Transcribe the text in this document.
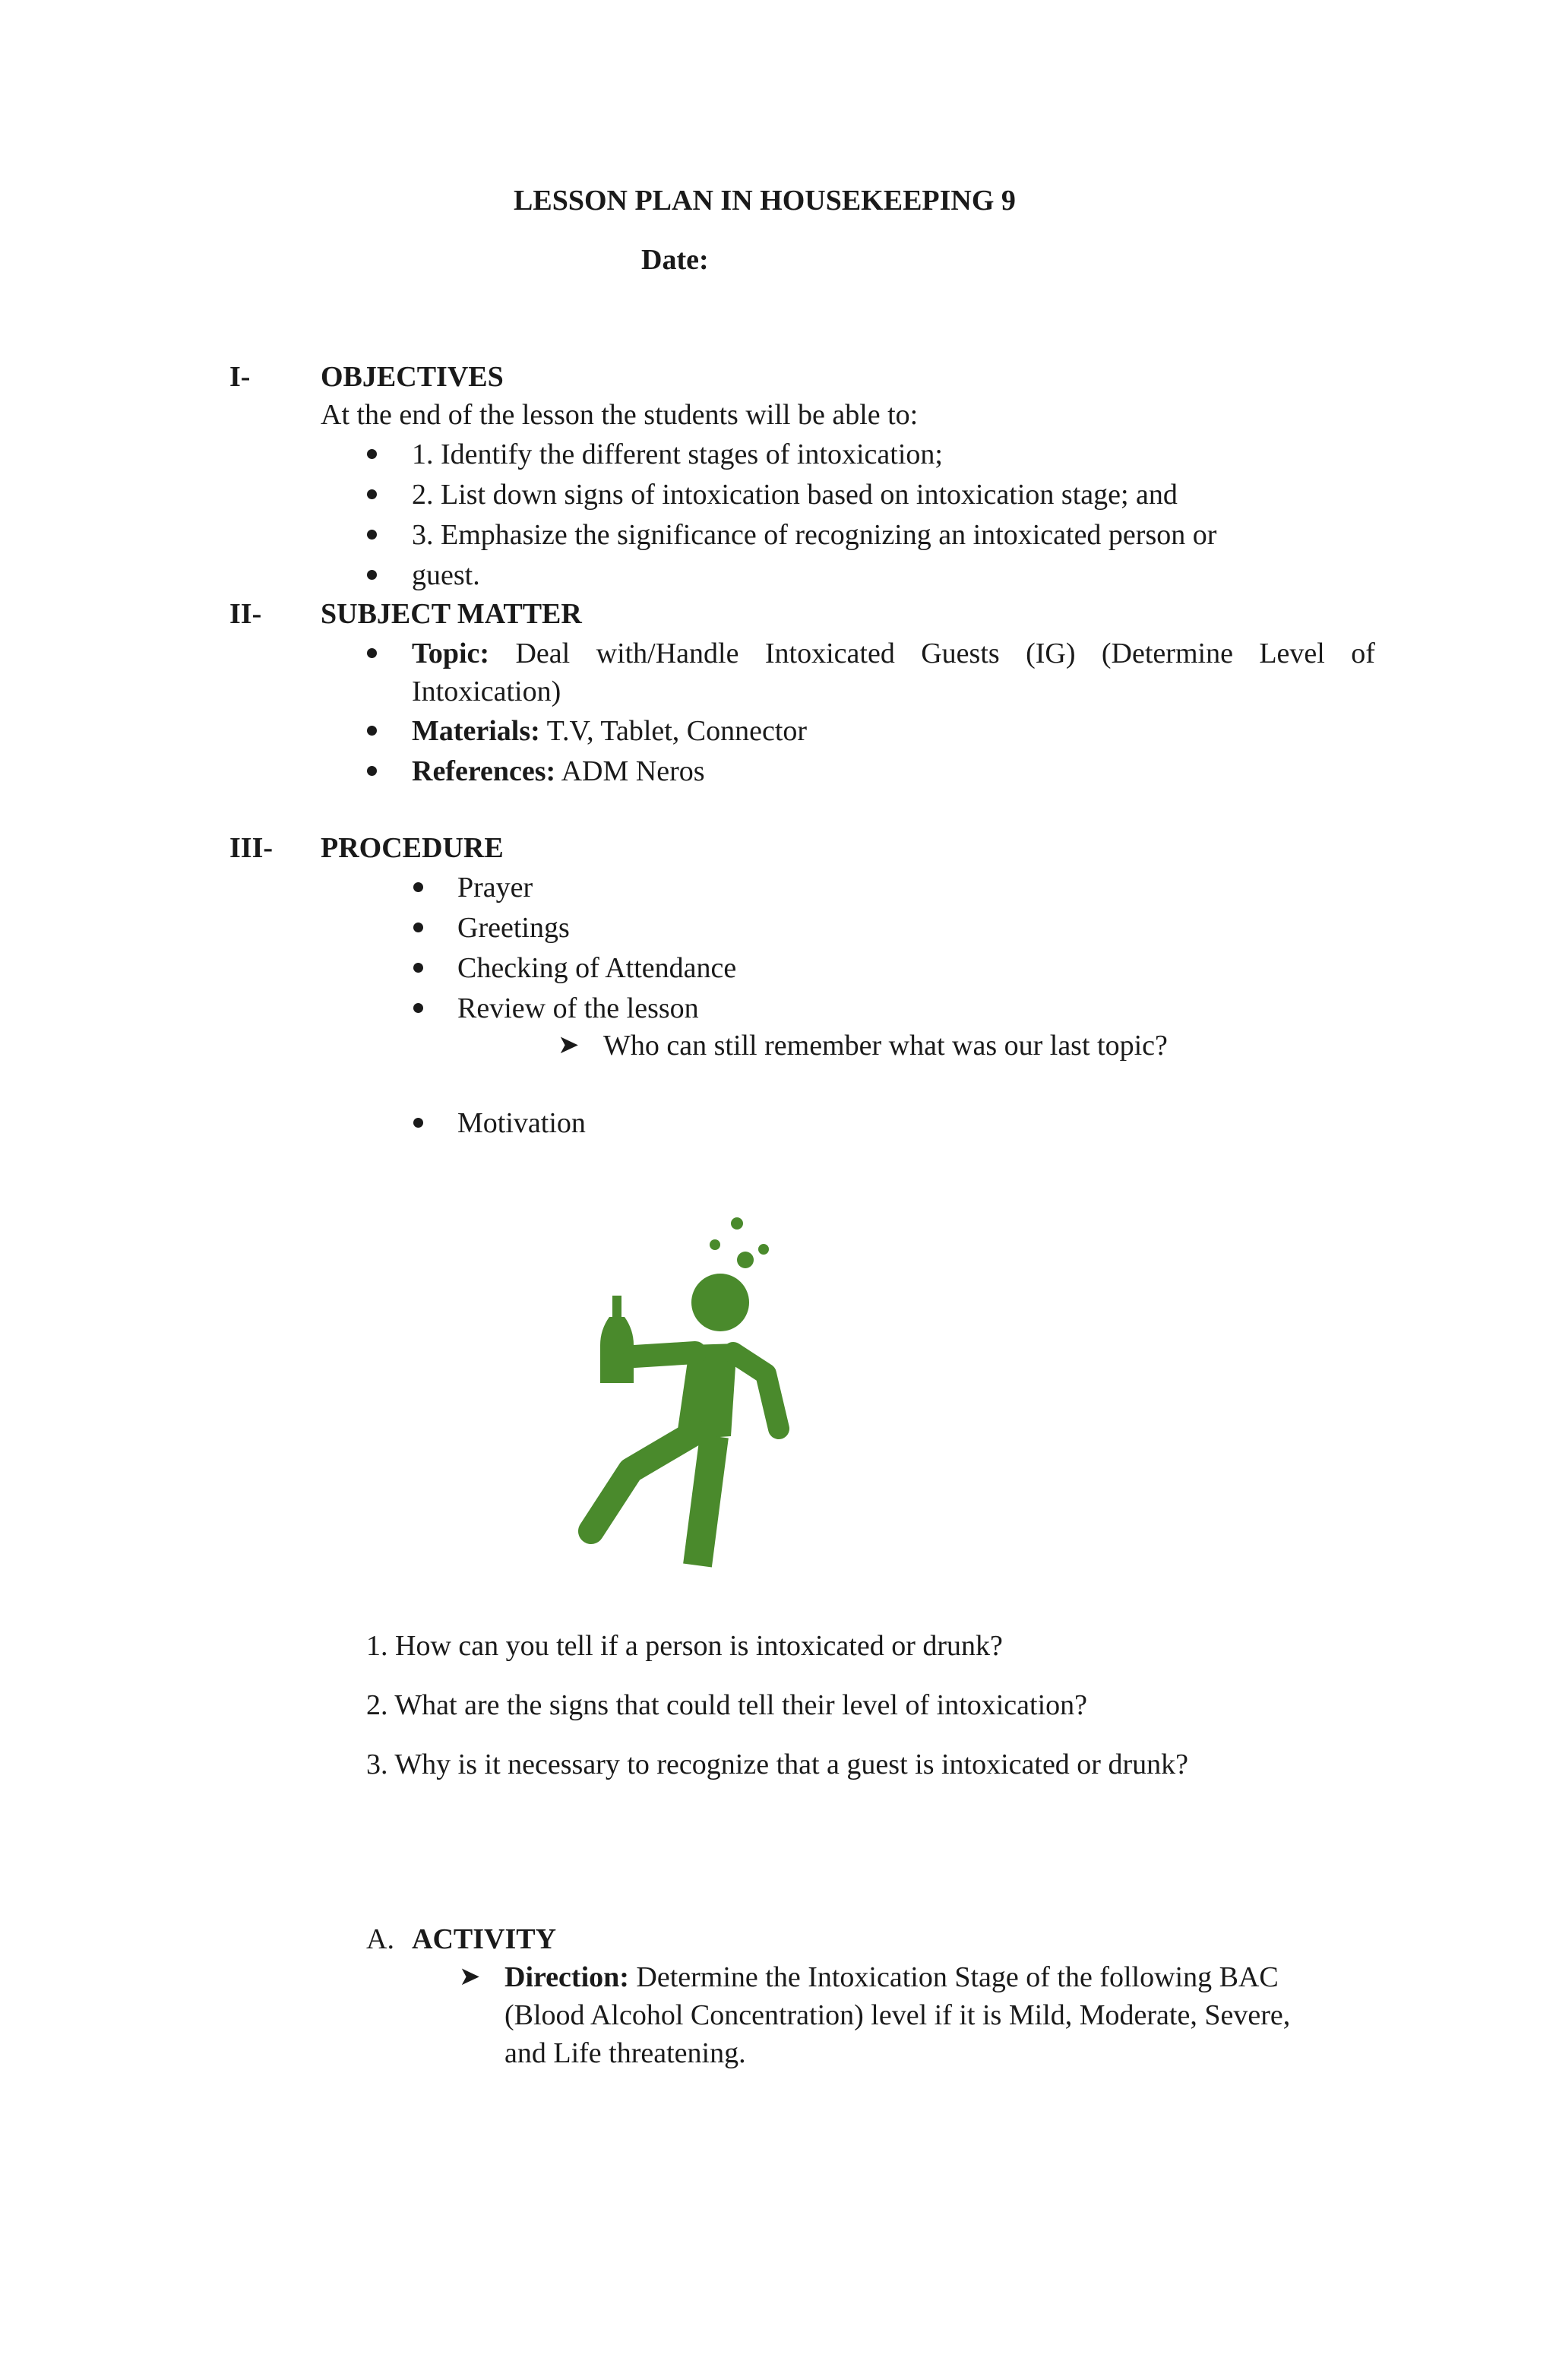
LESSON PLAN IN HOUSEKEEPING 9
Date:
I- OBJECTIVES
At the end of the lesson the students will be able to:
1. Identify the different stages of intoxication;
2. List down signs of intoxication based on intoxication stage; and
3. Emphasize the significance of recognizing an intoxicated person or
guest.
II- SUBJECT MATTER
Topic: Deal with/Handle Intoxicated Guests (IG) (Determine Level of
Intoxication)
Materials: T.V, Tablet, Connector
References: ADM Neros
III- PROCEDURE
Prayer
Greetings
Checking of Attendance
Review of the lesson
➤ Who can still remember what was our last topic?
Motivation
1. How can you tell if a person is intoxicated or drunk?
2. What are the signs that could tell their level of intoxication?
3. Why is it necessary to recognize that a guest is intoxicated or drunk?
A. ACTIVITY
➤ Direction: Determine the Intoxication Stage of the following BAC
(Blood Alcohol Concentration) level if it is Mild, Moderate, Severe,
and Life threatening.
